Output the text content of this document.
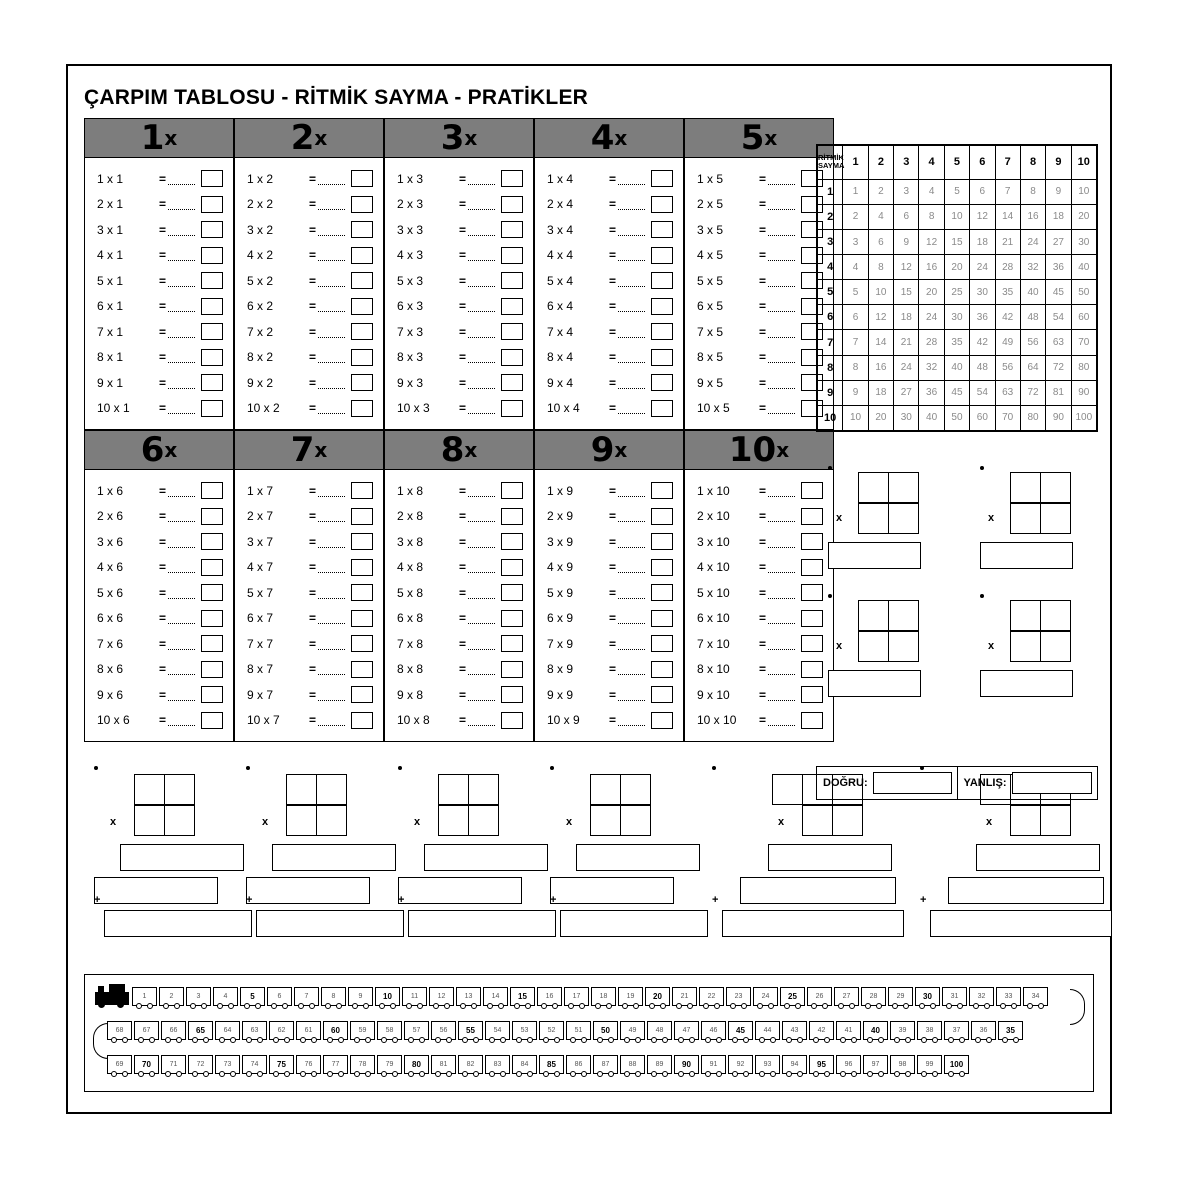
ÇARPIM TABLOSU - RİTMİK SAYMA - PRATİKLER
1 x
1 x 1	=
2 x 1	=
3 x 1	=
4 x 1	=
5 x 1	=
6 x 1	=
7 x 1	=
8 x 1	=
9 x 1	=
10 x 1	=
2 x
1 x 2	=
2 x 2	=
3 x 2	=
4 x 2	=
5 x 2	=
6 x 2	=
7 x 2	=
8 x 2	=
9 x 2	=
10 x 2	=
3 x
1 x 3	=
2 x 3	=
3 x 3	=
4 x 3	=
5 x 3	=
6 x 3	=
7 x 3	=
8 x 3	=
9 x 3	=
10 x 3	=
4 x
1 x 4	=
2 x 4	=
3 x 4	=
4 x 4	=
5 x 4	=
6 x 4	=
7 x 4	=
8 x 4	=
9 x 4	=
10 x 4	=
5 x
1 x 5	=
2 x 5	=
3 x 5	=
4 x 5	=
5 x 5	=
6 x 5	=
7 x 5	=
8 x 5	=
9 x 5	=
10 x 5	=
6 x
1 x 6	=
2 x 6	=
3 x 6	=
4 x 6	=
5 x 6	=
6 x 6	=
7 x 6	=
8 x 6	=
9 x 6	=
10 x 6	=
7 x
1 x 7	=
2 x 7	=
3 x 7	=
4 x 7	=
5 x 7	=
6 x 7	=
7 x 7	=
8 x 7	=
9 x 7	=
10 x 7	=
8 x
1 x 8	=
2 x 8	=
3 x 8	=
4 x 8	=
5 x 8	=
6 x 8	=
7 x 8	=
8 x 8	=
9 x 8	=
10 x 8	=
9 x
1 x 9	=
2 x 9	=
3 x 9	=
4 x 9	=
5 x 9	=
6 x 9	=
7 x 9	=
8 x 9	=
9 x 9	=
10 x 9	=
10 x
1 x 10	=
2 x 10	=
3 x 10	=
4 x 10	=
5 x 10	=
6 x 10	=
7 x 10	=
8 x 10	=
9 x 10	=
10 x 10	=
RİTMİK
SAYMA	1	2	3	4	5	6	7	8	9	10
1	1	2	3	4	5	6	7	8	9	10
2	2	4	6	8	10	12	14	16	18	20
3	3	6	9	12	15	18	21	24	27	30
4	4	8	12	16	20	24	28	32	36	40
5	5	10	15	20	25	30	35	40	45	50
6	6	12	18	24	30	36	42	48	54	60
7	7	14	21	28	35	42	49	56	63	70
8	8	16	24	32	40	48	56	64	72	80
9	9	18	27	36	45	54	63	72	81	90
10	10	20	30	40	50	60	70	80	90	100
x	x
x	x
x
+
x
+
x
+
x
+
x
+
x
+
DOĞRU:	YANLIŞ:
1	2	3	4	5	6	7	8	9	10	11	12	13	14	15	16	17	18	19	20	21	22	23	24	25	26	27	28	29	30	31	32	33	34
68	67	66	65	64	63	62	61	60	59	58	57	56	55	54	53	52	51	50	49	48	47	46	45	44	43	42	41	40	39	38	37	36	35
69	70	71	72	73	74	75	76	77	78	79	80	81	82	83	84	85	86	87	88	89	90	91	92	93	94	95	96	97	98	99	100
